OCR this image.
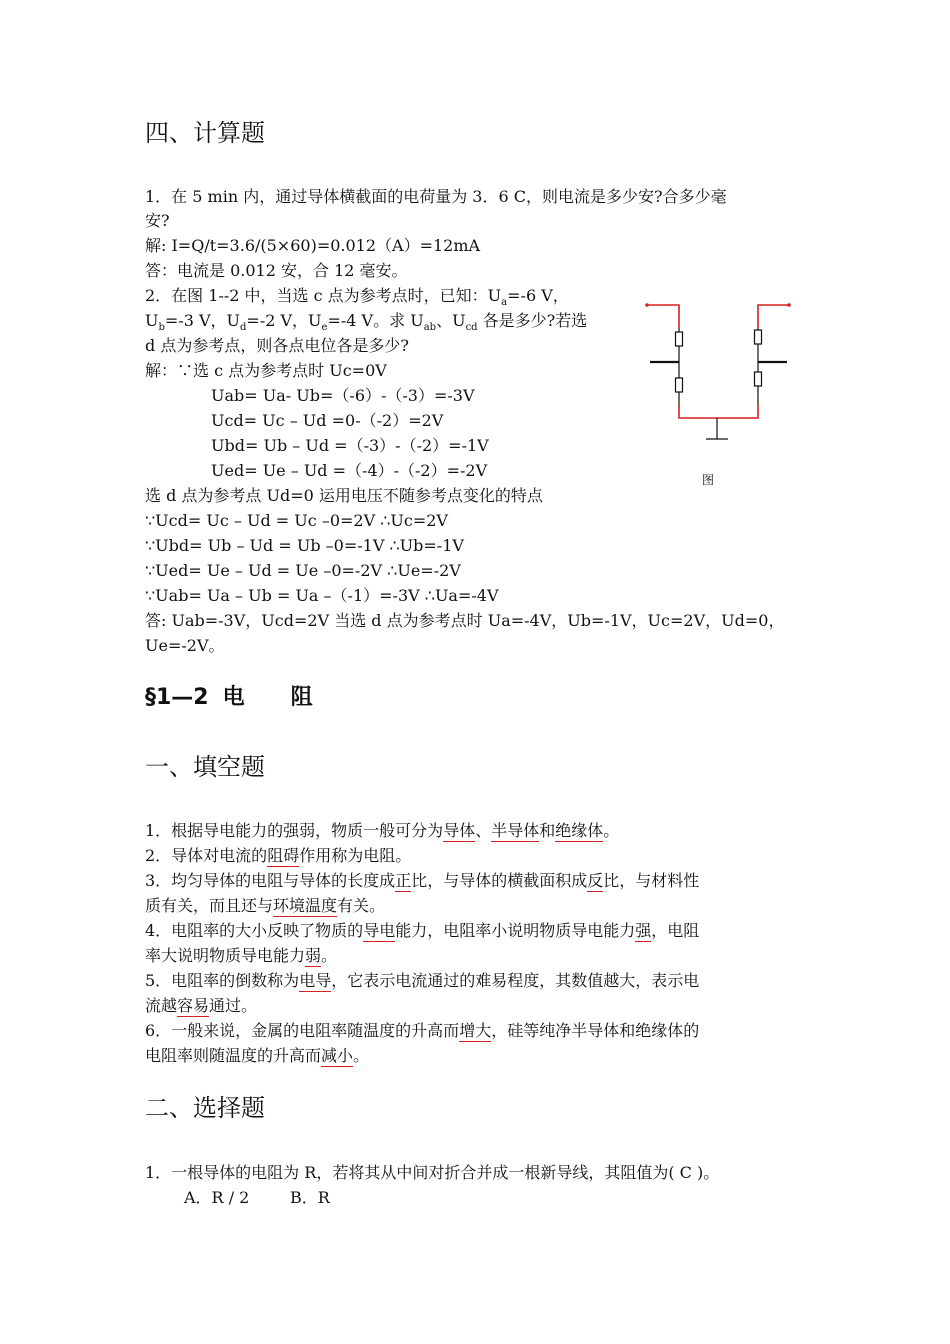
四、计算题
1．在 5 min 内，通过导体横截面的电荷量为 3．6 C，则电流是多少安?合多少毫
安?
解: I=Q/t=3.6/(5×60)=0.012（A）=12mA
答：电流是 0.012 安，合 12 毫安。
2．在图 1--2 中，当选 c 点为参考点时，已知：$U_a=-6$ V，
$U_b=-3$ V，$U_d=-2$ V，$U_e=-4$ V。求 $U_{ab}$、$U_{cd}$ 各是多少?若选
d 点为参考点，则各点电位各是多少?
解：∵选 c 点为参考点时 Uc=0V
Uab= Ua- Ub=（-6）-（-3）=-3V
Ucd= Uc – Ud =0-（-2）=2V
Ubd= Ub – Ud =（-3）-（-2）=-1V
Ued= Ue – Ud =（-4）-（-2）=-2V
选 d 点为参考点 Ud=0 运用电压不随参考点变化的特点
∵Ucd= Uc – Ud = Uc –0=2V ∴Uc=2V
∵Ubd= Ub – Ud = Ub –0=-1V ∴Ub=-1V
∵Ued= Ue – Ud = Ue –0=-2V ∴Ue=-2V
∵Uab= Ua – Ub = Ua –（-1）=-3V ∴Ua=-4V
答: Uab=-3V，Ucd=2V 当选 d 点为参考点时 Ua=-4V，Ub=-1V，Uc=2V，Ud=0，
Ue=-2V。
图
§1—2 电 阻
一、填空题
1．根据导电能力的强弱，物质一般可分为导体、半导体和绝缘体。
2．导体对电流的阻碍作用称为电阻。
3．均匀导体的电阻与导体的长度成正比，与导体的横截面积成反比，与材料性
质有关，而且还与环境温度有关。
4．电阻率的大小反映了物质的导电能力，电阻率小说明物质导电能力强，电阻
率大说明物质导电能力弱。
5．电阻率的倒数称为电导，它表示电流通过的难易程度，其数值越大，表示电
流越容易通过。
6．一般来说，金属的电阻率随温度的升高而增大，硅等纯净半导体和绝缘体的
电阻率则随温度的升高而减小。
二、选择题
1．一根导体的电阻为 R，若将其从中间对折合并成一根新导线，其阻值为( C )。
A．R / 2        B．R
